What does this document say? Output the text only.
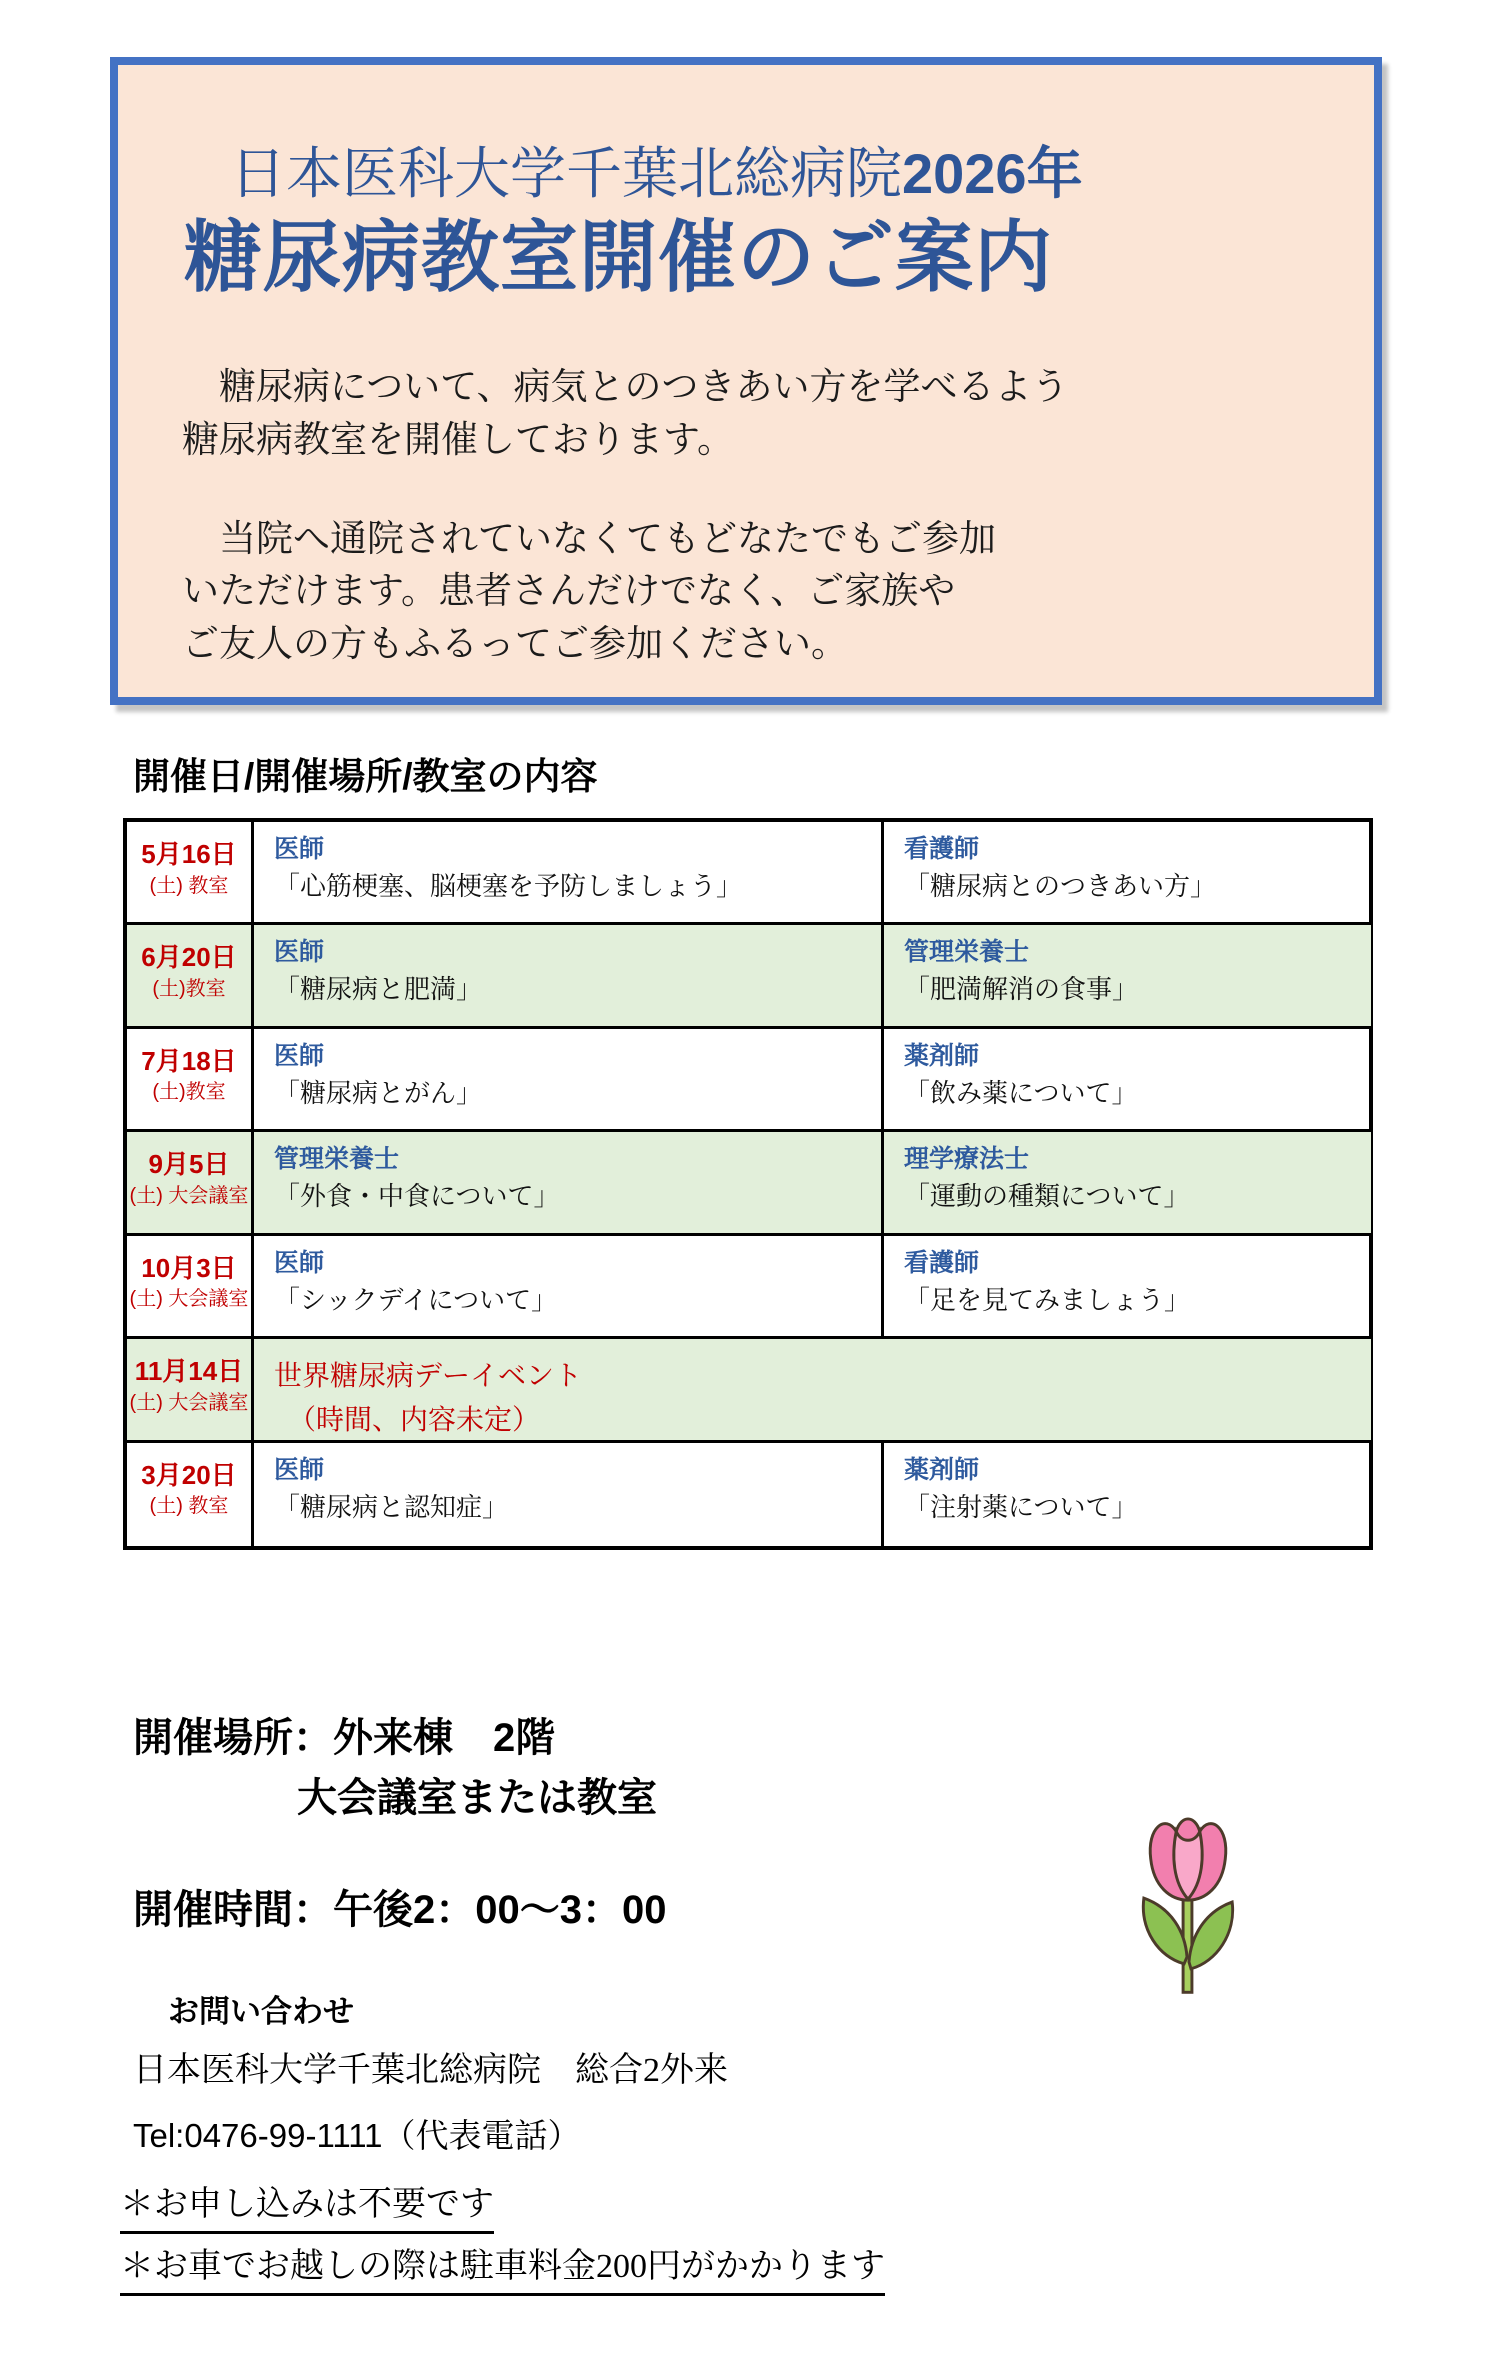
日本医科大学千葉北総病院2026年
糖尿病教室開催のご案内
　糖尿病について、病気とのつきあい方を学べるよう
糖尿病教室を開催しております。
　当院へ通院されていなくてもどなたでもご参加
いただけます。患者さんだけでなく、ご家族や
ご友人の方もふるってご参加ください。
開催日/開催場所/教室の内容
5月16日
(土) 教室
医師
「心筋梗塞、脳梗塞を予防しましょう」
看護師
「糖尿病とのつきあい方」
6月20日
(土)教室
医師
「糖尿病と肥満」
管理栄養士
「肥満解消の食事」
7月18日
(土)教室
医師
「糖尿病とがん」
薬剤師
「飲み薬について」
9月5日
(土) 大会議室
管理栄養士
「外食・中食について」
理学療法士
「運動の種類について」
10月3日
(土) 大会議室
医師
「シックデイについて」
看護師
「足を見てみましょう」
11月14日
(土) 大会議室
世界糖尿病デーイベント
　（時間、内容未定）
3月20日
(土) 教室
医師
「糖尿病と認知症」
薬剤師
「注射薬について」
開催場所：外来棟　2階
大会議室または教室
開催時間：午後2：00～3：00
お問い合わせ
日本医科大学千葉北総病院　総合2外来
Tel:0476-99-1111（代表電話）
＊お申し込みは不要です
＊お車でお越しの際は駐車料金200円がかかります
